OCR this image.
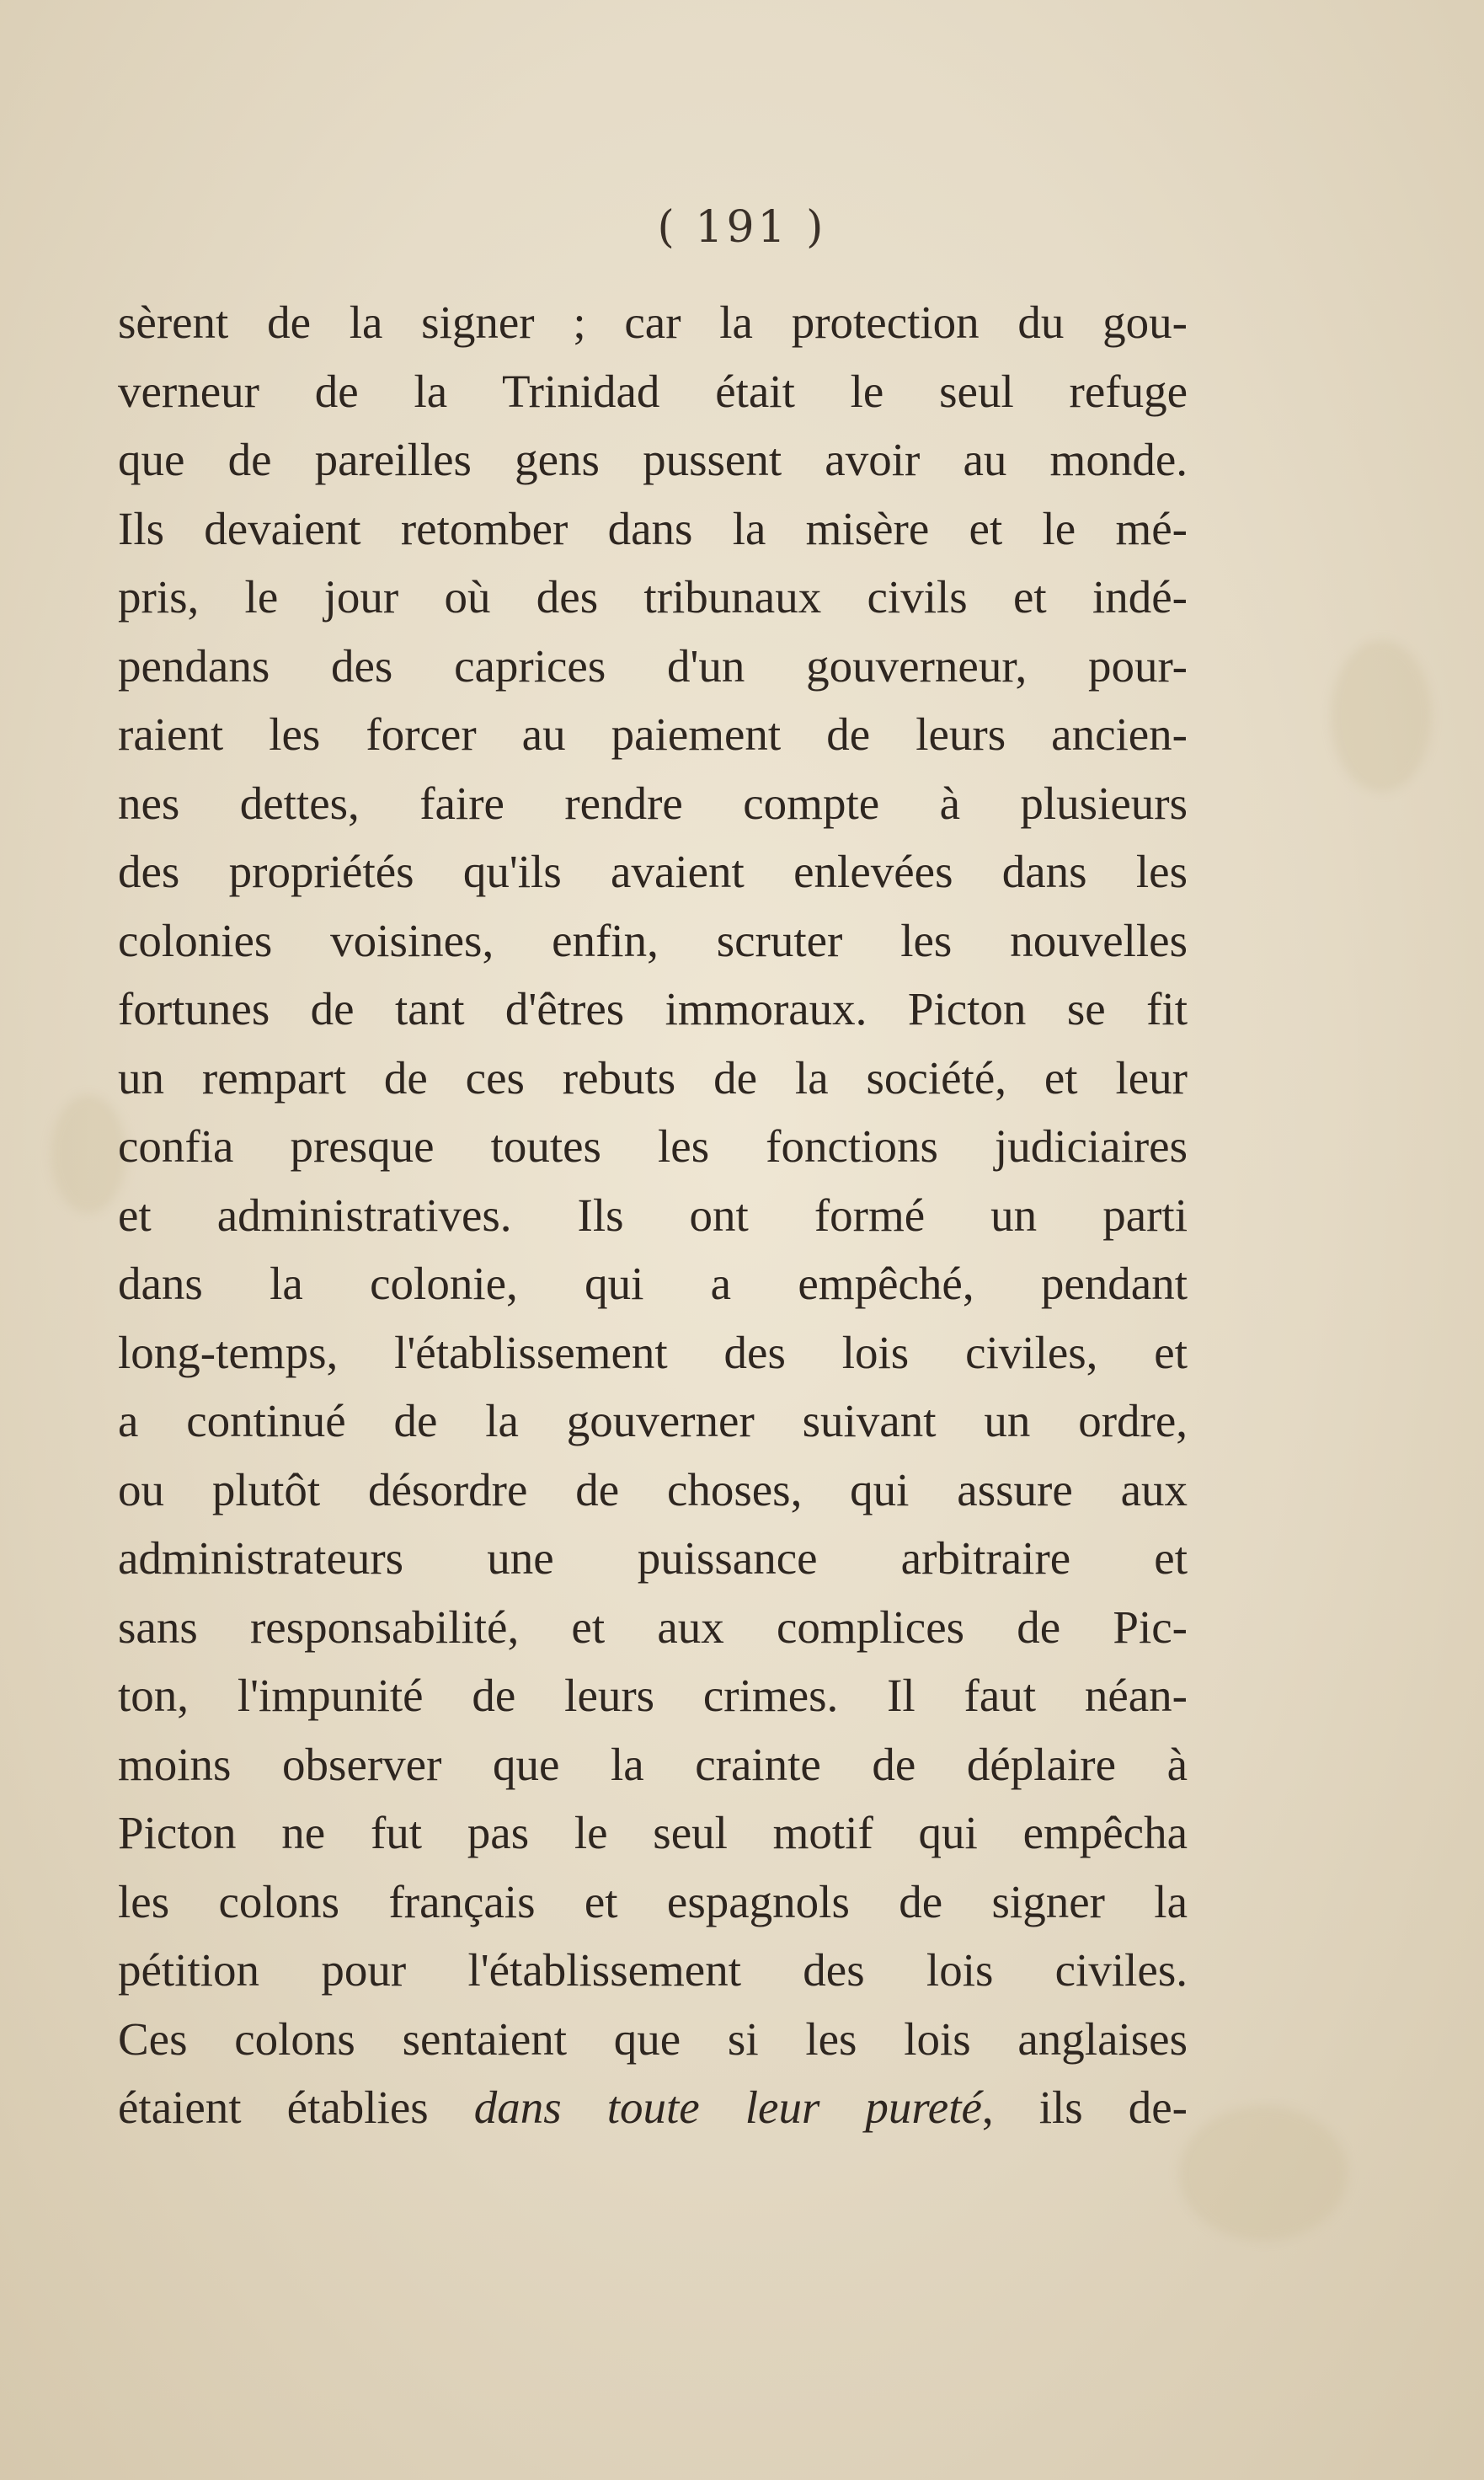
( 191 )
sèrent de la signer ; car la protection du gou-
verneur de la Trinidad était le seul refuge
que de pareilles gens pussent avoir au monde.
Ils devaient retomber dans la misère et le mé-
pris, le jour où des tribunaux civils et indé-
pendans des caprices d'un gouverneur, pour-
raient les forcer au paiement de leurs ancien-
nes dettes, faire rendre compte à plusieurs
des propriétés qu'ils avaient enlevées dans les
colonies voisines, enfin, scruter les nouvelles
fortunes de tant d'êtres immoraux. Picton se fit
un rempart de ces rebuts de la société, et leur
confia presque toutes les fonctions judiciaires
et administratives. Ils ont formé un parti
dans la colonie, qui a empêché, pendant
long-temps, l'établissement des lois civiles, et
a continué de la gouverner suivant un ordre,
ou plutôt désordre de choses, qui assure aux
administrateurs une puissance arbitraire et
sans responsabilité, et aux complices de Pic-
ton, l'impunité de leurs crimes. Il faut néan-
moins observer que la crainte de déplaire à
Picton ne fut pas le seul motif qui empêcha
les colons français et espagnols de signer la
pétition pour l'établissement des lois civiles.
Ces colons sentaient que si les lois anglaises
étaient établies dans toute leur pureté, ils de-
